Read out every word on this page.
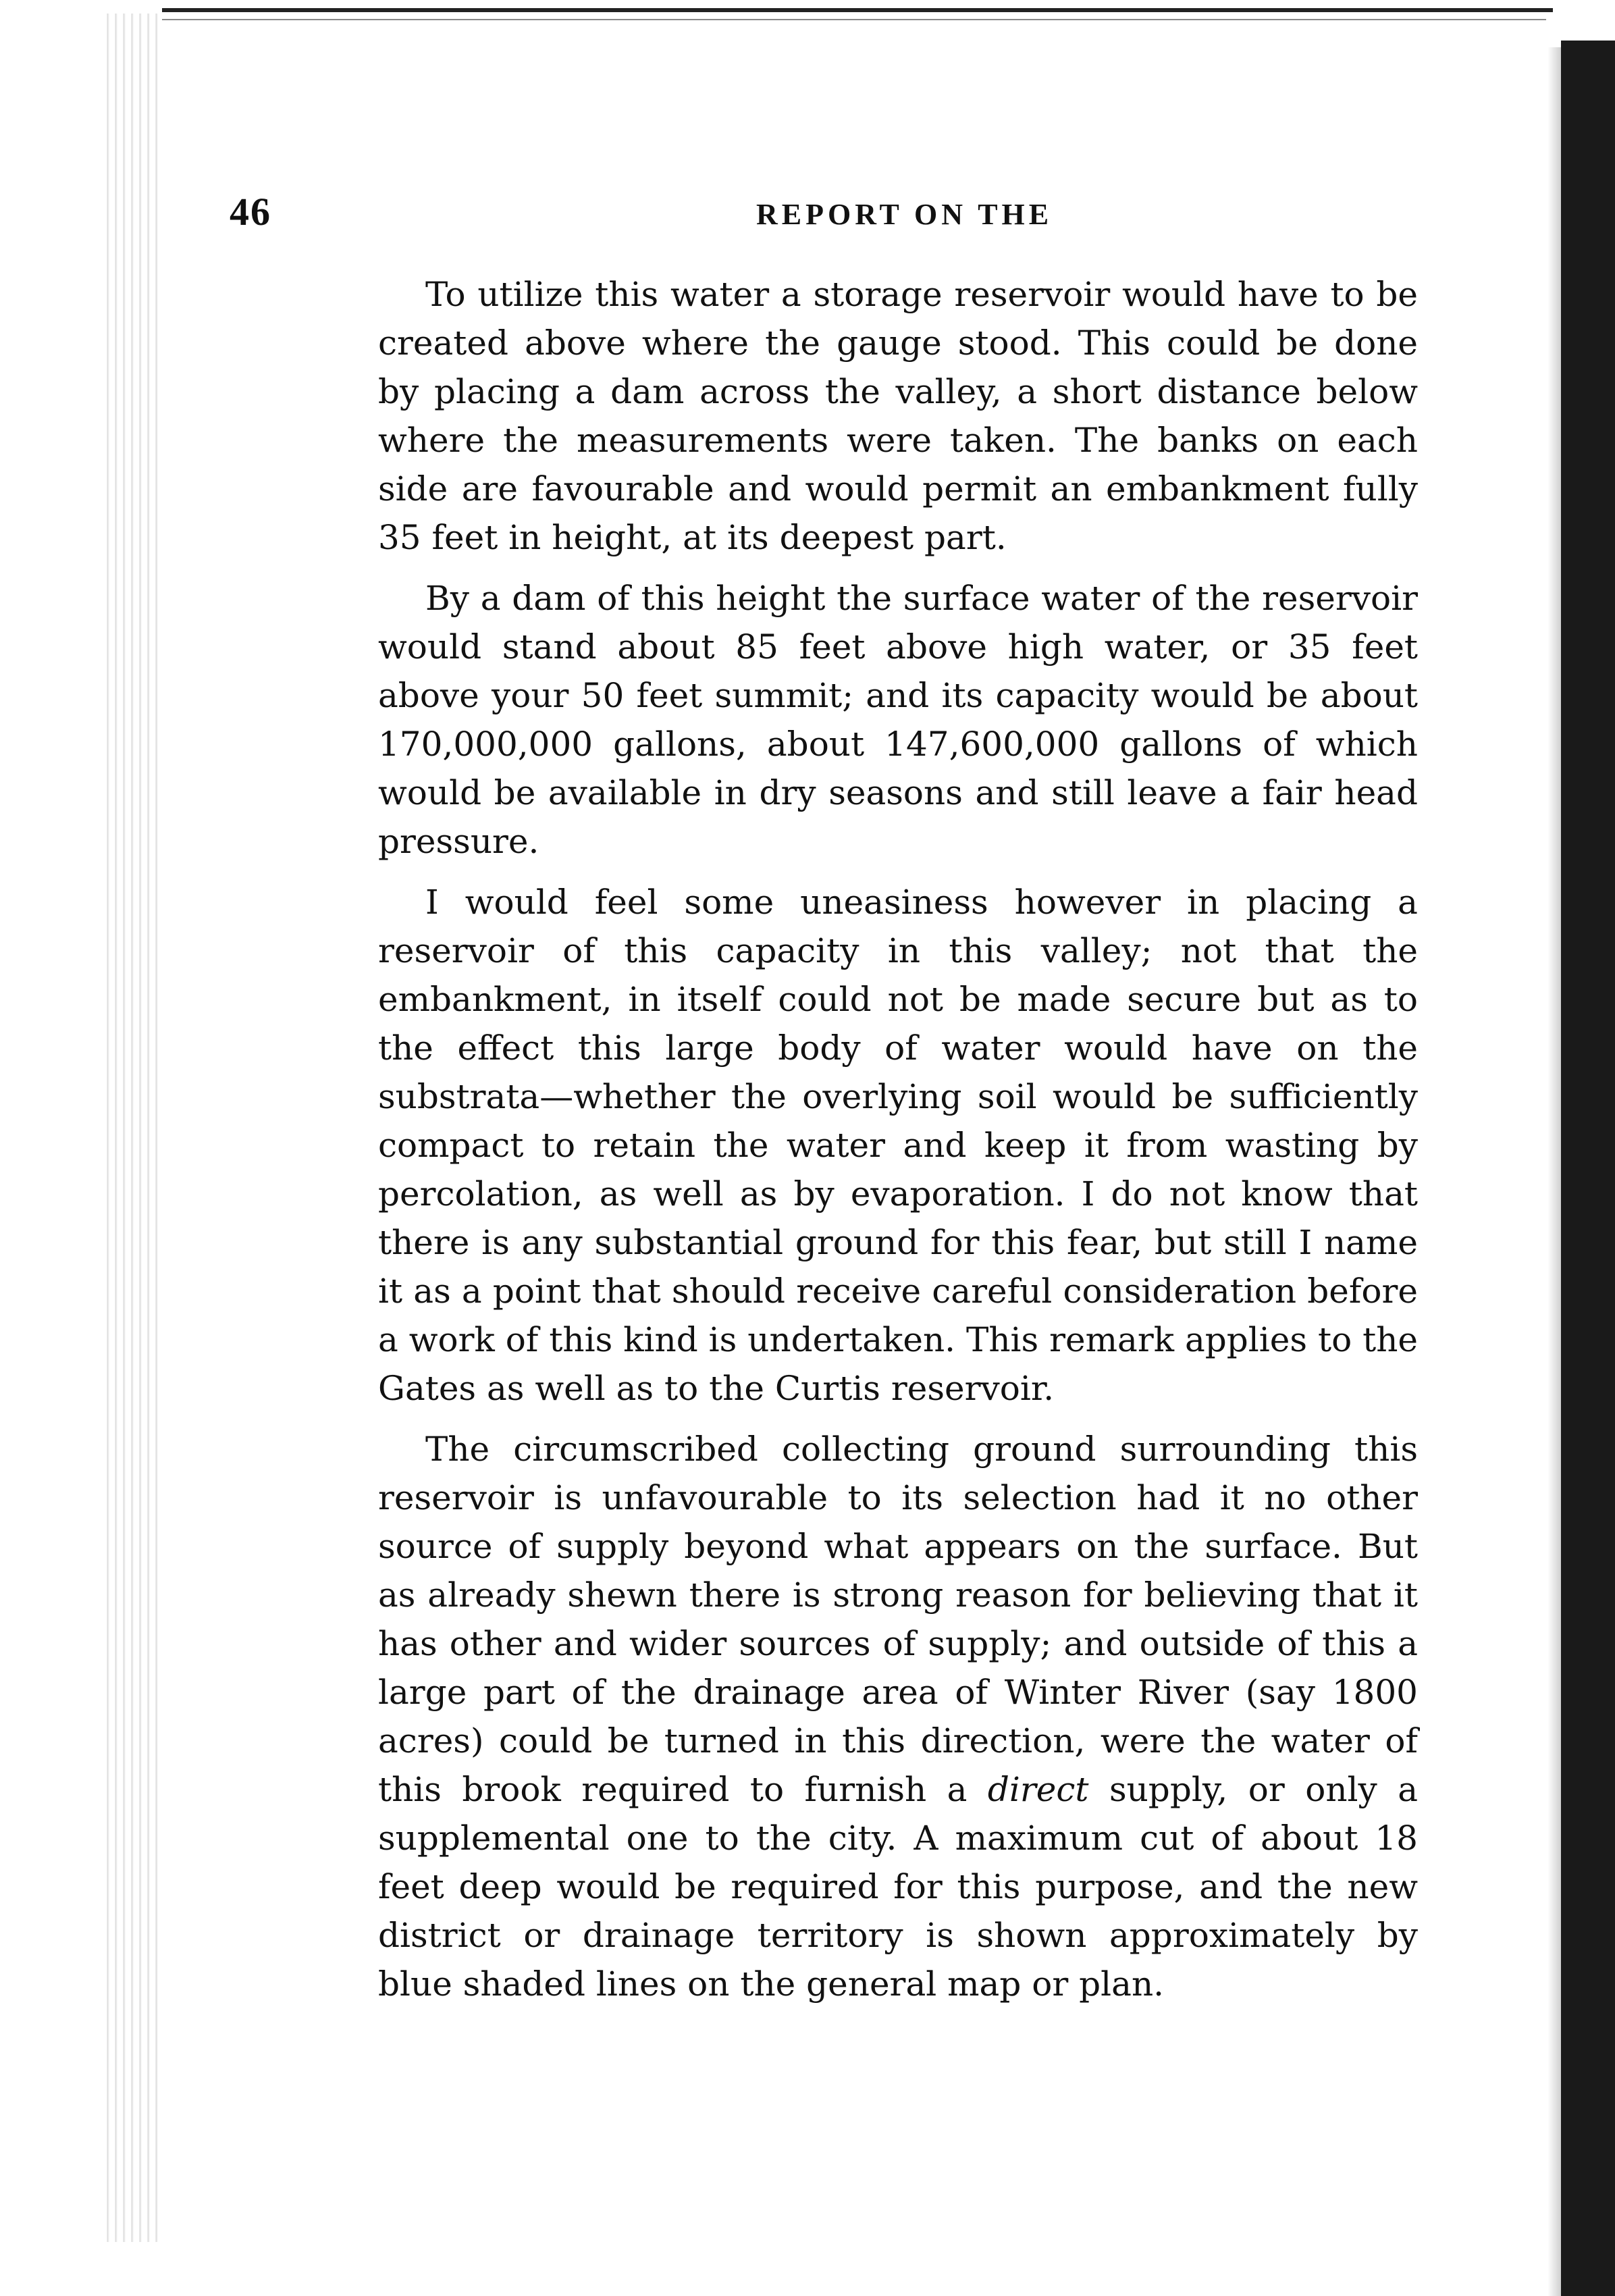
46	REPORT ON THE

To utilize this water a storage reservoir would have to be created above where the gauge stood. This could be done by placing a dam across the valley, a short distance below where the measurements were taken. The banks on each side are favourable and would permit an embankment fully 35 feet in height, at its deepest part.

By a dam of this height the surface water of the reservoir would stand about 85 feet above high water, or 35 feet above your 50 feet summit; and its capacity would be about 170,000,000 gallons, about 147,600,000 gallons of which would be available in dry seasons and still leave a fair head pressure.

I would feel some uneasiness however in placing a reservoir of this capacity in this valley; not that the embankment, in itself could not be made secure but as to the effect this large body of water would have on the substrata—whether the overlying soil would be sufficiently compact to retain the water and keep it from wasting by percolation, as well as by evaporation. I do not know that there is any substantial ground for this fear, but still I name it as a point that should receive careful consideration before a work of this kind is undertaken. This remark applies to the Gates as well as to the Curtis reservoir.

The circumscribed collecting ground surrounding this reservoir is unfavourable to its selection had it no other source of supply beyond what appears on the surface. But as already shewn there is strong reason for believing that it has other and wider sources of supply; and outside of this a large part of the drainage area of Winter River (say 1800 acres) could be turned in this direction, were the water of this brook required to furnish a direct supply, or only a supplemental one to the city. A maximum cut of about 18 feet deep would be required for this purpose, and the new district or drainage territory is shown approximately by blue shaded lines on the general map or plan.
